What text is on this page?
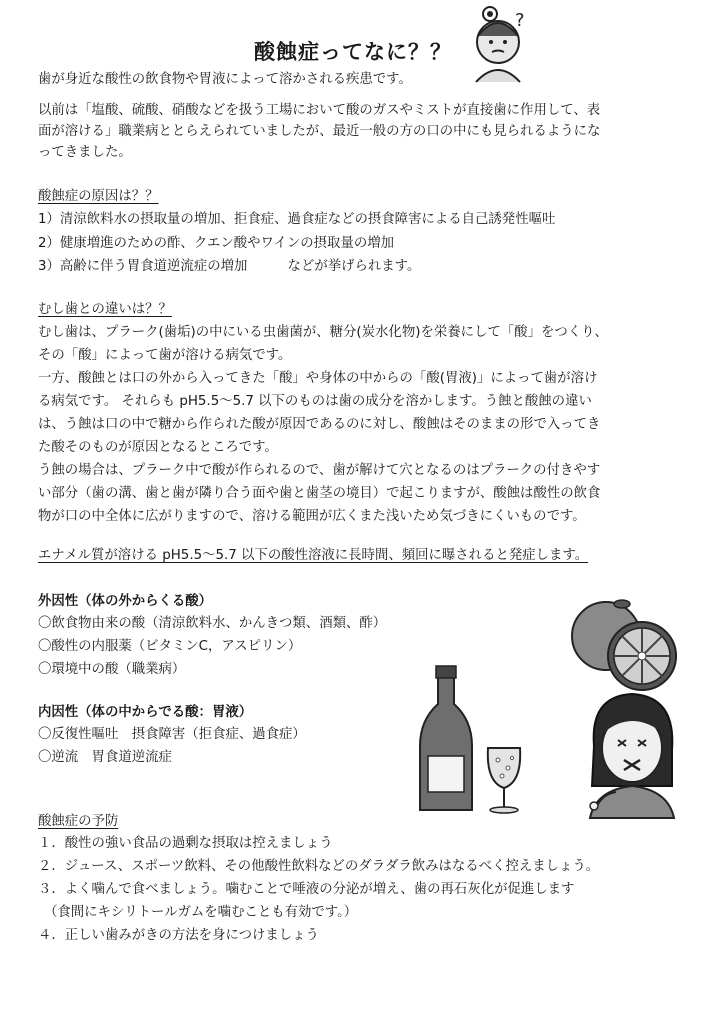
?
酸蝕症ってなに？？
歯が身近な酸性の飲食物や胃液によって溶かされる疾患です。
以前は「塩酸、硫酸、硝酸などを扱う工場において酸のガスやミストが直接歯に作用して、表
面が溶ける」職業病ととらえられていましたが、最近一般の方の口の中にも見られるようにな
ってきました。
酸蝕症の原因は？？
1）清涼飲料水の摂取量の増加、拒食症、過食症などの摂食障害による自己誘発性嘔吐
2）健康増進のための酢、クエン酸やワインの摂取量の増加
3）高齢に伴う胃食道逆流症の増加　　　などが挙げられます。
むし歯との違いは？？
むし歯は、プラーク(歯垢)の中にいる虫歯菌が、糖分(炭水化物)を栄養にして「酸」をつくり、
その「酸」によって歯が溶ける病気です。
一方、酸蝕とは口の外から入ってきた「酸」や身体の中からの「酸(胃液)」によって歯が溶け
る病気です。 それらも pH5.5～5.7 以下のものは歯の成分を溶かします。う蝕と酸蝕の違い
は、う蝕は口の中で糖から作られた酸が原因であるのに対し、酸蝕はそのままの形で入ってき
た酸そのものが原因となるところです。
う蝕の場合は、プラーク中で酸が作られるので、歯が解けて穴となるのはプラークの付きやす
い部分（歯の溝、歯と歯が隣り合う面や歯と歯茎の境目）で起こりますが、酸蝕は酸性の飲食
物が口の中全体に広がりますので、溶ける範囲が広くまた浅いため気づきにくいものです。
エナメル質が溶ける pH5.5～5.7 以下の酸性溶液に長時間、頻回に曝されると発症します。
外因性（体の外からくる酸）
〇飲食物由来の酸（清涼飲料水、かんきつ類、酒類、酢）
〇酸性の内服薬（ビタミンC，アスピリン）
〇環境中の酸（職業病）
内因性（体の中からでる酸：胃液）
〇反復性嘔吐　摂食障害（拒食症、過食症）
〇逆流　胃食道逆流症
酸蝕症の予防
１．酸性の強い食品の過剰な摂取は控えましょう
２．ジュース、スポーツ飲料、その他酸性飲料などのダラダラ飲みはなるべく控えましょう。
３．よく噛んで食べましょう。噛むことで唾液の分泌が増え、歯の再石灰化が促進します
（食間にキシリトールガムを噛むことも有効です。）
４．正しい歯みがきの方法を身につけましょう
